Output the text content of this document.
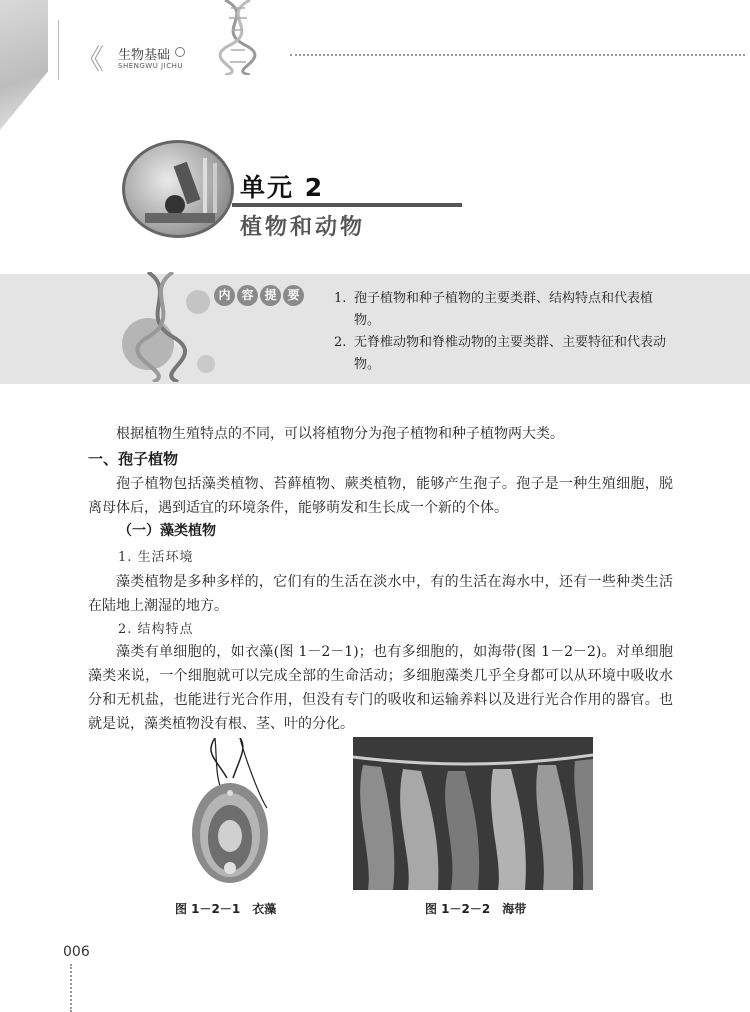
《 生物基础
SHENGWU JICHU
单元 2
植物和动物
内 容 提 要	1. 孢子植物和种子植物的主要类群、结构特点和代表植物。
2. 无脊椎动物和脊椎动物的主要类群、主要特征和代表动物。
根据植物生殖特点的不同，可以将植物分为孢子植物和种子植物两大类。
一、孢子植物
孢子植物包括藻类植物、苔藓植物、蕨类植物，能够产生孢子。孢子是一种生殖细胞，脱离母体后，遇到适宜的环境条件，能够萌发和生长成一个新的个体。
（一）藻类植物
1. 生活环境
藻类植物是多种多样的，它们有的生活在淡水中，有的生活在海水中，还有一些种类生活在陆地上潮湿的地方。
2. 结构特点
藻类有单细胞的，如衣藻(图 1－2－1)；也有多细胞的，如海带(图 1－2－2)。对单细胞藻类来说，一个细胞就可以完成全部的生命活动；多细胞藻类几乎全身都可以从环境中吸收水分和无机盐，也能进行光合作用，但没有专门的吸收和运输养料以及进行光合作用的器官。也就是说，藻类植物没有根、茎、叶的分化。
图 1－2－1　衣藻	图 1－2－2　海带
006
